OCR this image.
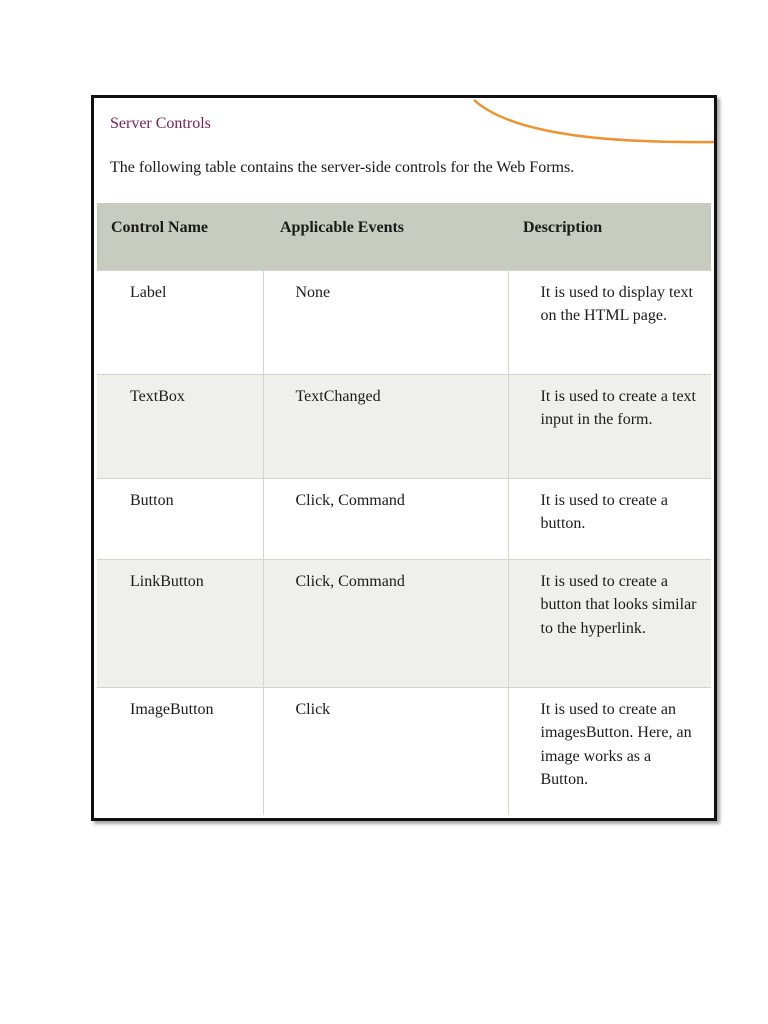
Server Controls

The following table contains the server-side controls for the Web Forms.

Control Name	Applicable Events	Description
Label	None	It is used to display text on the HTML page.
TextBox	TextChanged	It is used to create a text input in the form.
Button	Click, Command	It is used to create a button.
LinkButton	Click, Command	It is used to create a button that looks similar to the hyperlink.
ImageButton	Click	It is used to create an imagesButton. Here, an image works as a Button.
